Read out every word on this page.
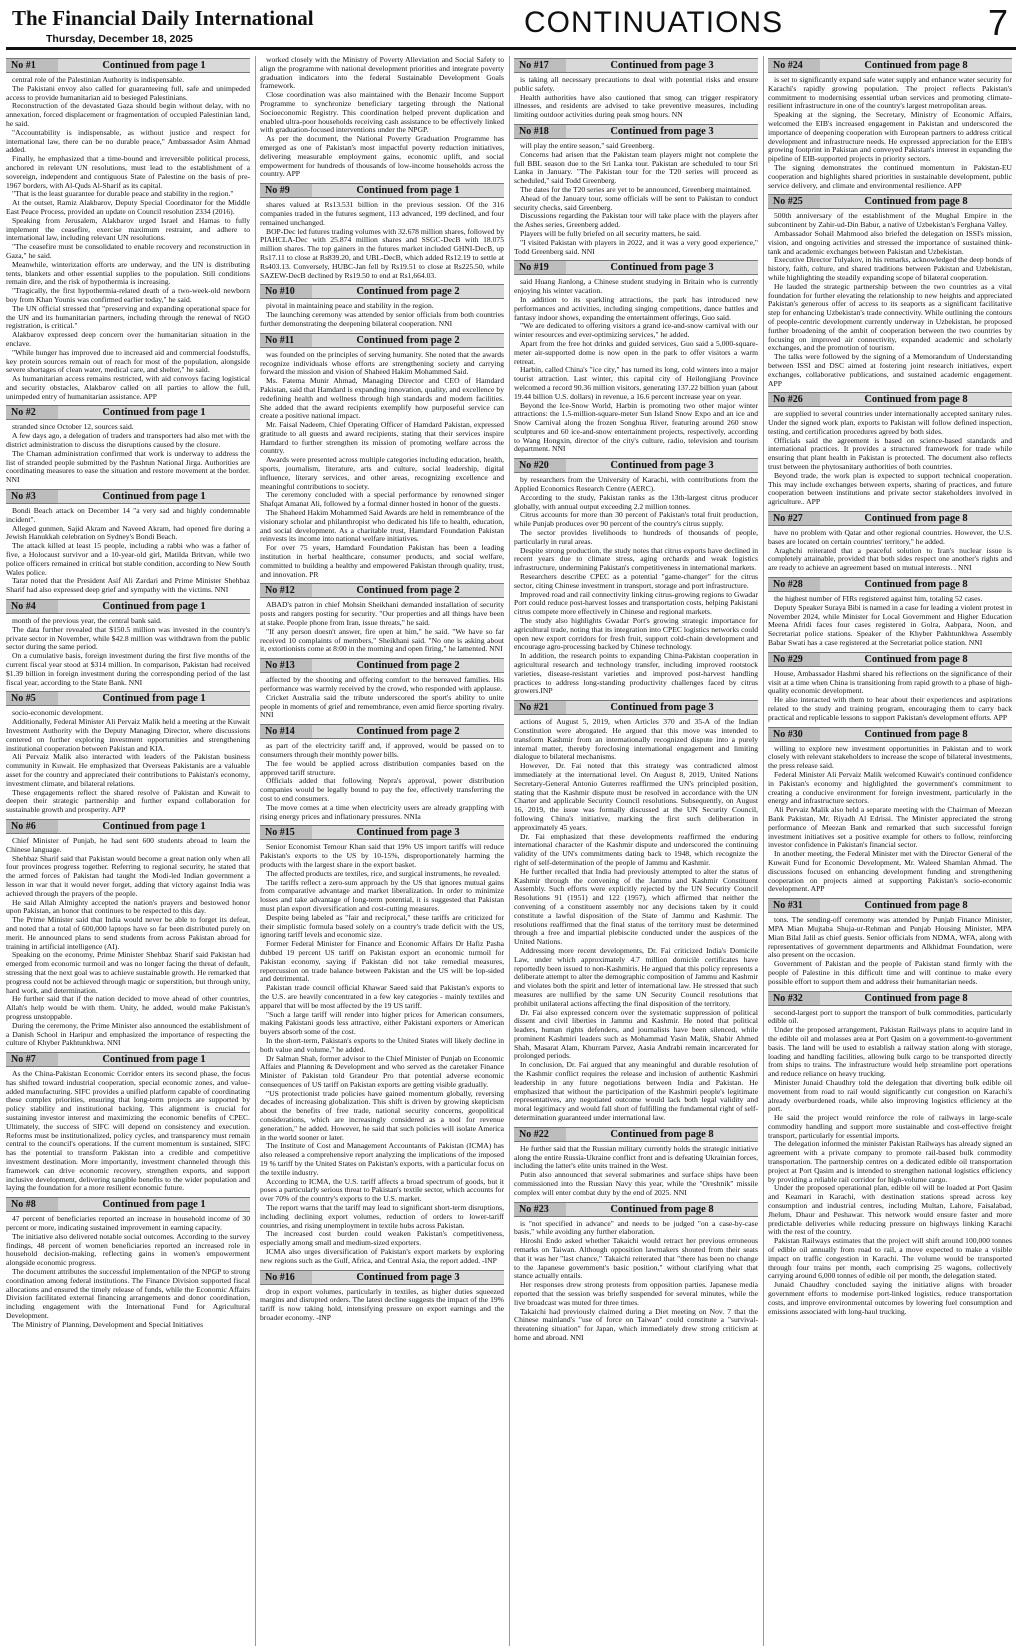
The Financial Daily International
Thursday, December 18, 2025	CONTINUATIONS	7
No #1	Continued from page 1

central role of the Palestinian Authority is indispensable.

The Pakistani envoy also called for guaranteeing full, safe and unimpeded access to provide humanitarian aid to besieged Palestinians.

Reconstruction of the devastated Gaza should begin without delay, with no annexation, forced displacement or fragmentation of occupied Palestinian land, he said.

"Accountability is indispensable, as without justice and respect for international law, there can be no durable peace," Ambassador Asim Ahmad added.

Finally, he emphasized that a time-bound and irreversible political process, anchored in relevant UN resolutions, must lead to the establishment of a sovereign, independent and contiguous State of Palestine on the basis of pre-1967 borders, with Al-Quds Al-Sharif as its capital.

"That is the least guarantee for durable peace and stability in the region."

At the outset, Ramiz Alakbarov, Deputy Special Coordinator for the Middle East Peace Process, provided an update on Council resolution 2334 (2016).

Speaking from Jerusalem, Alakbarov urged Israel and Hamas to fully implement the ceasefire, exercise maximum restraint, and adhere to international law, including relevant UN resolutions.

"The ceasefire must be consolidated to enable recovery and reconstruction in Gaza," he said.

Meanwhile, winterization efforts are underway, and the UN is distributing tents, blankets and other essential supplies to the population. Still conditions remain dire, and the risk of hypothermia is increasing.

"Tragically, the first hypothermia-related death of a two-week-old newborn boy from Khan Younis was confirmed earlier today," he said.

The UN official stressed that "preserving and expanding operational space for the UN and its humanitarian partners, including through the renewal of NGO registration, is critical."

Alakbarov expressed deep concern over the humanitarian situation in the enclave.

"While hunger has improved due to increased aid and commercial foodstuffs, key protein sources remain out of reach for most of the population, alongside severe shortages of clean water, medical care, and shelter," he said.

As humanitarian access remains restricted, with aid convoys facing logistical and security obstacles, Alakbarov called on all parties to allow the full, unimpeded entry of humanitarian assistance. APP

No #2	Continued from page 1

stranded since October 12, sources said.

A few days ago, a delegation of traders and transporters had also met with the district administration to discuss the disruptions caused by the closure.

The Chaman administration confirmed that work is underway to address the list of stranded people submitted by the Pashtun National Jirga. Authorities are coordinating measures to ease the situation and restore movement at the border. NNI

No #3	Continued from page 1

Bondi Beach attack on December 14 "a very sad and highly condemnable incident".

Alleged gunmen, Sajid Akram and Naveed Akram, had opened fire during a Jewish Hanukkah celebration on Sydney's Bondi Beach.

The attack killed at least 15 people, including a rabbi who was a father of five, a Holocaust survivor and a 10-year-old girl, Matilda Britvan, while two police officers remained in critical but stable condition, according to New South Wales police.

Tarar noted that the President Asif Ali Zardari and Prime Minister Shehbaz Sharif had also expressed deep grief and sympathy with the victims. NNI

No #4	Continued from page 1

month of the previous year, the central bank said.

The data further revealed that $150.5 million was invested in the country's private sector in November, while $42.8 million was withdrawn from the public sector during the same period.

On a cumulative basis, foreign investment during the first five months of the current fiscal year stood at $314 million. In comparison, Pakistan had received $1.39 billion in foreign investment during the corresponding period of the last fiscal year, according to the State Bank. NNI

No #5	Continued from page 1

socio-economic development.

Additionally, Federal Minister Ali Pervaiz Malik held a meeting at the Kuwait Investment Authority with the Deputy Managing Director, where discussions centered on further exploring investment opportunities and strengthening institutional cooperation between Pakistan and KIA.

Ali Pervaiz Malik also interacted with leaders of the Pakistan business community in Kuwait. He emphasized that Overseas Pakistanis are a valuable asset for the country and appreciated their contributions to Pakistan's economy, investment climate, and bilateral relations.

These engagements reflect the shared resolve of Pakistan and Kuwait to deepen their strategic partnership and further expand collaboration for sustainable growth and prosperity. APP

No #6	Continued from page 1

Chief Minister of Punjab, he had sent 600 students abroad to learn the Chinese language.

Shehbaz Sharif said that Pakistan would become a great nation only when all four provinces progress together. Referring to regional security, he stated that the armed forces of Pakistan had taught the Modi-led Indian government a lesson in war that it would never forget, adding that victory against India was achieved through the prayers of the people.

He said Allah Almighty accepted the nation's prayers and bestowed honor upon Pakistan, an honor that continues to be respected to this day.

The Prime Minister said that India would never be able to forget its defeat, and noted that a total of 600,000 laptops have so far been distributed purely on merit. He announced plans to send students from across Pakistan abroad for training in artificial intelligence (AI).

Speaking on the economy, Prime Minister Shehbaz Sharif said Pakistan had emerged from economic turmoil and was no longer facing the threat of default, stressing that the next goal was to achieve sustainable growth. He remarked that progress could not be achieved through magic or superstition, but through unity, hard work, and determination.

He further said that if the nation decided to move ahead of other countries, Allah's help would be with them. Unity, he added, would make Pakistan's progress unstoppable.

During the ceremony, the Prime Minister also announced the establishment of a Danish School in Haripur and emphasized the importance of respecting the culture of Khyber Pakhtunkhwa. NNI

No #7	Continued from page 1

As the China-Pakistan Economic Corridor enters its second phase, the focus has shifted toward industrial cooperation, special economic zones, and value-added manufacturing. SIFC provides a unified platform capable of coordinating these complex priorities, ensuring that long-term projects are supported by policy stability and institutional backing. This alignment is crucial for sustaining investor interest and maximizing the economic benefits of CPEC. Ultimately, the success of SIFC will depend on consistency and execution. Reforms must be institutionalized, policy cycles, and transparency must remain central to the council's operations. If the current momentum is sustained, SIFC has the potential to transform Pakistan into a credible and competitive investment destination. More importantly, investment channeled through this framework can drive economic recovery, strengthen exports, and support inclusive development, delivering tangible benefits to the wider population and laying the foundation for a more resilient economic future.

No #8	Continued from page 1

47 percent of beneficiaries reported an increase in household income of 30 percent or more, indicating sustained improvement in earning capacity.

The initiative also delivered notable social outcomes. According to the survey findings, 48 percent of women beneficiaries reported an increased role in household decision-making, reflecting gains in women's empowerment alongside economic progress.

The document attributes the successful implementation of the NPGP to strong coordination among federal institutions. The Finance Division supported fiscal allocations and ensured the timely release of funds, while the Economic Affairs Division facilitated external financing arrangements and donor coordination, including engagement with the International Fund for Agricultural Development.

The Ministry of Planning, Development and Special Initiatives

worked closely with the Ministry of Poverty Alleviation and Social Safety to align the programme with national development priorities and integrate poverty graduation indicators into the federal Sustainable Development Goals framework.

Close coordination was also maintained with the Benazir Income Support Programme to synchronize beneficiary targeting through the National Socioeconomic Registry. This coordination helped prevent duplication and enabled ultra-poor households receiving cash assistance to be effectively linked with graduation-focused interventions under the NPGP.

As per the document, the National Poverty Graduation Programme has emerged as one of Pakistan's most impactful poverty reduction initiatives, delivering measurable employment gains, economic uplift, and social empowerment for hundreds of thousands of low-income households across the country. APP

No #9	Continued from page 1

shares valued at Rs13.531 billion in the previous session. Of the 316 companies traded in the futures segment, 113 advanced, 199 declined, and four remained unchanged.

BOP-Dec led futures trading volumes with 32.678 million shares, followed by PIAHCLA-Dec with 25.874 million shares and SSGC-DecB with 18.075 million shares. The top gainers in the futures market included GHNI-DecB, up Rs17.11 to close at Rs839.20, and UBL-DecB, which added Rs12.19 to settle at Rs403.13. Conversely, HUBC-Jan fell by Rs19.51 to close at Rs225.50, while SAZEW-DecB declined by Rs19.50 to end at Rs1,664.03.

No #10	Continued from page 2

pivotal in maintaining peace and stability in the region.

The launching ceremony was attended by senior officials from both countries further demonstrating the deepening bilateral cooperation. NNI

No #11	Continued from page 2

was founded on the principles of serving humanity. She noted that the awards recognize individuals whose efforts are strengthening society and carrying forward the mission and vision of Shaheed Hakim Mohammed Said.

Ms. Fatema Munir Ahmad, Managing Director and CEO of Hamdard Pakistan, said that Hamdard is expanding innovation, quality, and excellence by redefining health and wellness through high standards and modern facilities. She added that the award recipients exemplify how purposeful service can create a positive national impact.

Mr. Faisal Nadeem, Chief Operating Officer of Hamdard Pakistan, expressed gratitude to all guests and award recipients, stating that their services inspire Hamdard to further strengthen its mission of promoting welfare across the country.

Awards were presented across multiple categories including education, health, sports, journalism, literature, arts and culture, social leadership, digital influence, literary services, and other areas, recognizing excellence and meaningful contributions to society.

The ceremony concluded with a special performance by renowned singer Shafqat Amanat Ali, followed by a formal dinner hosted in honor of the guests.

The Shaheed Hakim Mohammed Said Awards are held in remembrance of the visionary scholar and philanthropist who dedicated his life to health, education, and social development. As a charitable trust, Hamdard Foundation Pakistan reinvests its income into national welfare initiatives.

For over 75 years, Hamdard Foundation Pakistan has been a leading institution in herbal healthcare, consumer products, and social welfare, committed to building a healthy and empowered Pakistan through quality, trust, and innovation. PR

No #12	Continued from page 2

ABAD's patron in chief Mohsin Sheikhani demanded installation of security posts and rangers posting for security. "Our properties and all things have been at stake. People phone from Iran, issue threats," he said.

"If any person doesn't answer, fire open at him," he said. "We have so far received 10 complaints of members," Sheikhani said. "No one is asking about it, extortionists come at 8:00 in the morning and open firing," he lamented. NNI

No #13	Continued from page 2

affected by the shooting and offering comfort to the bereaved families. His performance was warmly received by the crowd, who responded with applause.

Cricket Australia said the tribute underscored the sport's ability to unite people in moments of grief and remembrance, even amid fierce sporting rivalry. NNI

No #14	Continued from page 2

as part of the electricity tariff and, if approved, would be passed on to consumers through their monthly power bills.

The fee would be applied across distribution companies based on the approved tariff structure.

Officials added that following Nepra's approval, power distribution companies would be legally bound to pay the fee, effectively transferring the cost to end consumers.

The move comes at a time when electricity users are already grappling with rising energy prices and inflationary pressures. NNIa

No #15	Continued from page 3

Senior Economist Temour Khan said that 19% US import tariffs will reduce Pakistan's exports to the US by 10-15%, disproportionately harming the products with the largest share in the export basket.

The affected products are textiles, rice, and surgical instruments, he revealed.

The tariffs reflect a zero-sum approach by the US that ignores mutual gains from comparative advantage and market liberalization. In order to minimize losses and take advantage of long-term potential, it is suggested that Pakistan must plan export diversification and cost-cutting measures.

Despite being labeled as "fair and reciprocal," these tariffs are criticized for their simplistic formula based solely on a country's trade deficit with the US, ignoring tariff levels and economic size.

Former Federal Minister for Finance and Economic Affairs Dr Hafiz Pasha dubbed 19 percent US tariff on Pakistan export an economic turmoil for Pakistan economy, saying if Pakistan did not take remedial measures, repercussion on trade balance between Pakistan and the US will be lop-sided and detrimental.

Pakistan trade council official Khawar Saeed said that Pakistan's exports to the U.S. are heavily concentrated in a few key categories - mainly textiles and apparel that will be most affected by the 19 US tariff.

"Such a large tariff will render into higher prices for American consumers, making Pakistani goods less attractive, either Pakistani exporters or American buyers absorb some of the cost.

In the short-term, Pakistan's exports to the United States will likely decline in both value and volume," he added.

Dr Salman Shah, former advisor to the Chief Minister of Punjab on Economic Affairs and Planning & Development and who served as the caretaker Finance Minister of Pakistan told Grandeur Pro that potential adverse economic consequences of US tariff on Pakistan exports are getting visible gradually.

"US protectionist trade policies have gained momentum globally, reversing decades of increasing globalization. This shift is driven by growing skepticism about the benefits of free trade, national security concerns, geopolitical considerations, which are increasingly considered as a tool for revenue generation," he added. However, he said that such policies will isolate America in the world sooner or later.

The Institute of Cost and Management Accountants of Pakistan (ICMA) has also released a comprehensive report analyzing the implications of the imposed 19 % tariff by the United States on Pakistan's exports, with a particular focus on the textile industry.

According to ICMA, the U.S. tariff affects a broad spectrum of goods, but it poses a particularly serious threat to Pakistan's textile sector, which accounts for over 70% of the country's exports to the U.S. market.

The report warns that the tariff may lead to significant short-term disruptions, including declining export volumes, reduction of orders to lower-tariff countries, and rising unemployment in textile hubs across Pakistan.

The increased cost burden could weaken Pakistan's competitiveness, especially among small and medium-sized exporters.

ICMA also urges diversification of Pakistan's export markets by exploring new regions such as the Gulf, Africa, and Central Asia, the report added. -INP

No #16	Continued from page 3

drop in export volumes, particularly in textiles, as higher duties squeezed margins and disrupted orders. The latest decline suggests the impact of the 19% tariff is now taking hold, intensifying pressure on export earnings and the broader economy. -INP

No #17	Continued from page 3

is taking all necessary precautions to deal with potential risks and ensure public safety.

Health authorities have also cautioned that smog can trigger respiratory illnesses, and residents are advised to take preventive measures, including limiting outdoor activities during peak smog hours. NN

No #18	Continued from page 3

will play the entire season," said Greenberg.

Concerns had arisen that the Pakistan team players might not complete the full BBL season due to the Sri Lanka tour. Pakistan are scheduled to tour Sri Lanka in January. "The Pakistan tour for the T20 series will proceed as scheduled," said Todd Greenberg.

The dates for the T20 series are yet to be announced, Greenberg maintained.

Ahead of the January tour, some officials will be sent to Pakistan to conduct security checks, said Greenberg.

Discussions regarding the Pakistan tour will take place with the players after the Ashes series, Greenberg added.

Players will be fully briefed on all security matters, he said.

"I visited Pakistan with players in 2022, and it was a very good experience," Todd Greenberg said. NNI

No #19	Continued from page 3

said Huang Jianlong, a Chinese student studying in Britain who is currently enjoying his winter vacation.

In addition to its sparkling attractions, the park has introduced new performances and activities, including singing competitions, dance battles and fantasy indoor shows, expanding the entertainment offerings, Guo said.

"We are dedicated to offering visitors a grand ice-and-snow carnival with our winter resources and ever-optimizing services," he added.

Apart from the free hot drinks and guided services, Guo said a 5,000-square-meter air-supported dome is now open in the park to offer visitors a warm retreat.

Harbin, called China's "ice city," has turned its long, cold winters into a major tourist attraction. Last winter, this capital city of Heilongjiang Province welcomed a record 90.36 million visitors, generating 137.22 billion yuan (about 19.44 billion U.S. dollars) in revenue, a 16.6 percent increase year on year.

Beyond the Ice-Snow World, Harbin is promoting two other major winter attractions: the 1.5-million-square-meter Sun Island Snow Expo and an ice and Snow Carnival along the frozen Songhua River, featuring around 260 snow sculptures and 60 ice-and-snow entertainment projects, respectively, according to Wang Hongxin, director of the city's culture, radio, television and tourism department. NNI

No #20	Continued from page 3

by researchers from the University of Karachi, with contributions from the Applied Economics Research Centre (AERC).

According to the study, Pakistan ranks as the 13th-largest citrus producer globally, with annual output exceeding 2.2 million tonnes.

Citrus accounts for more than 30 percent of Pakistan's total fruit production, while Punjab produces over 90 percent of the country's citrus supply.

The sector provides livelihoods to hundreds of thousands of people, particularly in rural areas.

Despite strong production, the study notes that citrus exports have declined in recent years due to climate stress, aging orchards and weak logistics infrastructure, undermining Pakistan's competitiveness in international markets.

Researchers describe CPEC as a potential "game-changer" for the citrus sector, citing Chinese investment in transport, storage and port infrastructure.

Improved road and rail connectivity linking citrus-growing regions to Gwadar Port could reduce post-harvest losses and transportation costs, helping Pakistani citrus compete more effectively in Chinese and regional markets.

The study also highlights Gwadar Port's growing strategic importance for agricultural trade, noting that its integration into CPEC logistics networks could open new export corridors for fresh fruit, support cold-chain development and encourage agro-processing backed by Chinese technology.

In addition, the research points to expanding China-Pakistan cooperation in agricultural research and technology transfer, including improved rootstock varieties, disease-resistant varieties and improved post-harvest handling practices to address long-standing productivity challenges faced by citrus growers.INP

No #21	Continued from page 3

actions of August 5, 2019, when Articles 370 and 35-A of the Indian Constitution were abrogated. He argued that this move was intended to transform Kashmir from an internationally recognized dispute into a purely internal matter, thereby foreclosing international engagement and limiting dialogue to bilateral mechanisms.

However, Dr. Fai noted that this strategy was contradicted almost immediately at the international level. On August 8, 2019, United Nations Secretary-General Antonio Guterres reaffirmed the UN's principled position, stating that the Kashmir dispute must be resolved in accordance with the UN Charter and applicable Security Council resolutions. Subsequently, on August 16, 2019, the issue was formally discussed at the UN Security Council, following China's initiative, marking the first such deliberation in approximately 45 years.

Dr. Fai emphasized that these developments reaffirmed the enduring international character of the Kashmir dispute and underscored the continuing validity of the UN's commitments dating back to 1948, which recognize the right of self-determination of the people of Jammu and Kashmir.

He further recalled that India had previously attempted to alter the status of Kashmir through the convening of the Jammu and Kashmir Constituent Assembly. Such efforts were explicitly rejected by the UN Security Council Resolutions 91 (1951) and 122 (1957), which affirmed that neither the convening of a constituent assembly nor any decisions taken by it could constitute a lawful disposition of the State of Jammu and Kashmir. The resolutions reaffirmed that the final status of the territory must be determined through a free and impartial plebiscite conducted under the auspices of the United Nations.

Addressing more recent developments, Dr. Fai criticized India's Domicile Law, under which approximately 4.7 million domicile certificates have reportedly been issued to non-Kashmiris. He argued that this policy represents a deliberate attempt to alter the demographic composition of Jammu and Kashmir and violates both the spirit and letter of international law. He stressed that such measures are nullified by the same UN Security Council resolutions that prohibit unilateral actions affecting the final disposition of the territory.

Dr. Fai also expressed concern over the systematic suppression of political dissent and civil liberties in Jammu and Kashmir. He noted that political leaders, human rights defenders, and journalists have been silenced, while prominent Kashmiri leaders such as Mohammad Yasin Malik, Shabir Ahmed Shah, Masarat Alam, Khurram Parvez, Aasia Andrabi remain incarcerated for prolonged periods.

In conclusion, Dr. Fai argued that any meaningful and durable resolution of the Kashmir conflict requires the release and inclusion of authentic Kashmiri leadership in any future negotiations between India and Pakistan. He emphasized that without the participation of the Kashmiri people's legitimate representatives, any negotiated outcome would lack both legal validity and moral legitimacy and would fall short of fulfilling the fundamental right of self-determination guaranteed under international law.

No #22	Continued from page 8

He further said that the Russian military currently holds the strategic initiative along the entire Russia-Ukraine conflict front and is defeating Ukrainian forces, including the latter's elite units trained in the West.

Putin also announced that several submarines and surface ships have been commissioned into the Russian Navy this year, while the "Oreshnik" missile complex will enter combat duty by the end of 2025. NNI

No #23	Continued from page 8

is "not specified in advance" and needs to be judged "on a case-by-case basis," while avoiding any further elaboration.

Hiroshi Endo asked whether Takaichi would retract her previous erroneous remarks on Taiwan. Although opposition lawmakers shouted from their seats that it was her "last chance," Takaichi reiterated that "there has been no change to the Japanese government's basic position," without clarifying what that stance actually entails.

Her responses drew strong protests from opposition parties. Japanese media reported that the session was briefly suspended for several minutes, while the live broadcast was muted for three times.

Takaichi had previously claimed during a Diet meeting on Nov. 7 that the Chinese mainland's "use of force on Taiwan" could constitute a "survival-threatening situation" for Japan, which immediately drew strong criticism at home and abroad. NNI

No #24	Continued from page 8

is set to significantly expand safe water supply and enhance water security for Karachi's rapidly growing population. The project reflects Pakistan's commitment to modernising essential urban services and promoting climate-resilient infrastructure in one of the country's largest metropolitan areas.

Speaking at the signing, the Secretary, Ministry of Economic Affairs, welcomed the EIB's increased engagement in Pakistan and underscored the importance of deepening cooperation with European partners to address critical development and infrastructure needs. He expressed appreciation for the EIB's growing footprint in Pakistan and conveyed Pakistan's interest in expanding the pipeline of EIB-supported projects in priority sectors.

The signing demonstrates the continued momentum in Pakistan-EU cooperation and highlights shared priorities in sustainable development, public service delivery, and climate and environmental resilience. APP

No #25	Continued from page 8

500th anniversary of the establishment of the Mughal Empire in the subcontinent by Zahir-ud-Din Babur, a native of Uzbekistan's Ferghana Valley.

Ambassador Sohail Mahmood also briefed the delegation on ISSI's mission, vision, and ongoing activities and stressed the importance of sustained think-tank and academic exchanges between Pakistan and Uzbekistan.

Executive Director Tulyakov, in his remarks, acknowledged the deep bonds of history, faith, culture, and shared traditions between Pakistan and Uzbekistan, while highlighting the steadily expanding scope of bilateral cooperation.

He lauded the strategic partnership between the two countries as a vital foundation for further elevating the relationship to new heights and appreciated Pakistan's generous offer of access to its seaports as a significant facilitative step for enhancing Uzbekistan's trade connectivity. While outlining the contours of people-centric development currently underway in Uzbekistan, he proposed further broadening of the ambit of cooperation between the two countries by focusing on improved air connectivity, expanded academic and scholarly exchanges, and the promotion of tourism.

The talks were followed by the signing of a Memorandum of Understanding between ISSI and DSC aimed at fostering joint research initiatives, expert exchanges, collaborative publications, and sustained academic engagement. APP

No #26	Continued from page 8

are supplied to several countries under internationally accepted sanitary rules. Under the signed work plan, exports to Pakistan will follow defined inspection, testing, and certification procedures agreed by both sides.

Officials said the agreement is based on science-based standards and international practices. It provides a structured framework for trade while ensuring that plant health in Pakistan is protected. The document also reflects trust between the phytosanitary authorities of both countries.

Beyond trade, the work plan is expected to support technical cooperation. This may include exchanges between experts, sharing of practices, and future cooperation between institutions and private sector stakeholders involved in agriculture.. APP

No #27	Continued from page 8

have no problem with Qatar and other regional countries. However, the U.S. bases are located on certain countries' territory," he added.

Araghchi reiterated that a peaceful solution to Iran's nuclear issue is completely attainable, provided that both sides respect one another's rights and are ready to achieve an agreement based on mutual interests. . NNI

No #28	Continued from page 8

the highest number of FIRs registered against him, totaling 52 cases.

Deputy Speaker Suraya Bibi is named in a case for leading a violent protest in November 2024, while Minister for Local Government and Higher Education Meena Afridi faces four cases registered in Golra, Aabpara, Noon, and Secretariat police stations. Speaker of the Khyber Pakhtunkhwa Assembly Babar Swati has a case registered at the Secretariat police station. NNI

No #29	Continued from page 8

House, Ambassador Hashmi shared his reflections on the significance of their visit at a time when China is transitioning from rapid growth to a phase of high-quality economic development.

He also interacted with them to hear about their experiences and aspirations related to the study and training program, encouraging them to carry back practical and replicable lessons to support Pakistan's development efforts. APP

No #30	Continued from page 8

willing to explore new investment opportunities in Pakistan and to work closely with relevant stakeholders to increase the scope of bilateral investments, the press release said.

Federal Minister Ali Pervaiz Malik welcomed Kuwait's continued confidence in Pakistan's economy and highlighted the government's commitment to creating a conducive environment for foreign investment, particularly in the energy and infrastructure sectors.

Ali Pervaiz Malik also held a separate meeting with the Chairman of Meezan Bank Pakistan, Mr. Riyadh Al Edrissi. The Minister appreciated the strong performance of Meezan Bank and remarked that such successful foreign investment initiatives set a positive example for others to follow, reinforcing investor confidence in Pakistan's financial sector.

In another meeting, the Federal Minister met with the Director General of the Kuwait Fund for Economic Development, Mr. Waleed Shamlan Ahmad. The discussions focused on enhancing development funding and strengthening cooperation on projects aimed at supporting Pakistan's socio-economic development. APP

No #31	Continued from page 8

tons. The sending-off ceremony was attended by Punjab Finance Minister, MPA Mian Mujtaba Shuja-ur-Rehman and Punjab Housing Minister, MPA Mian Bilal Jalil as chief guests. Senior officials from NDMA, WFA, along with representatives of government departments and Alkhidmat Foundation, were also present on the occasion.

Government of Pakistan and the people of Pakistan stand firmly with the people of Palestine in this difficult time and will continue to make every possible effort to support them and address their humanitarian needs.

No #32	Continued from page 8

second-largest port to support the transport of bulk commodities, particularly edible oil.

Under the proposed arrangement, Pakistan Railways plans to acquire land in the edible oil and molasses area at Port Qasim on a government-to-government basis. The land will be used to establish a railway station along with storage, loading and handling facilities, allowing bulk cargo to be transported directly from ships to trains. The infrastructure would help streamline port operations and reduce reliance on heavy trucking.

Minister Junaid Chaudhry told the delegation that diverting bulk edible oil movement from road to rail would significantly cut congestion on Karachi's already overburdened roads, while also improving logistics efficiency at the port.

He said the project would reinforce the role of railways in large-scale commodity handling and support more sustainable and cost-effective freight transport, particularly for essential imports.

The delegation informed the minister Pakistan Railways has already signed an agreement with a private company to promote rail-based bulk commodity transportation. The partnership centres on a dedicated edible oil transportation project at Port Qasim and is intended to strengthen national logistics efficiency by providing a reliable rail corridor for high-volume cargo.

Under the proposed operational plan, edible oil will be loaded at Port Qasim and Keamari in Karachi, with destination stations spread across key consumption and industrial centres, including Multan, Lahore, Faisalabad, Jhelum, Dhaur and Peshawar. This network would ensure faster and more predictable deliveries while reducing pressure on highways linking Karachi with the rest of the country.

Pakistan Railways estimates that the project will shift around 100,000 tonnes of edible oil annually from road to rail, a move expected to make a visible impact on traffic congestion in Karachi. The volume would be transported through four trains per month, each comprising 25 wagons, collectively carrying around 6,000 tonnes of edible oil per month, the delegation stated.

Junaid Chaudhry concluded saying the initiative aligns with broader government efforts to modernise port-linked logistics, reduce transportation costs, and improve environmental outcomes by lowering fuel consumption and emissions associated with long-haul trucking.
